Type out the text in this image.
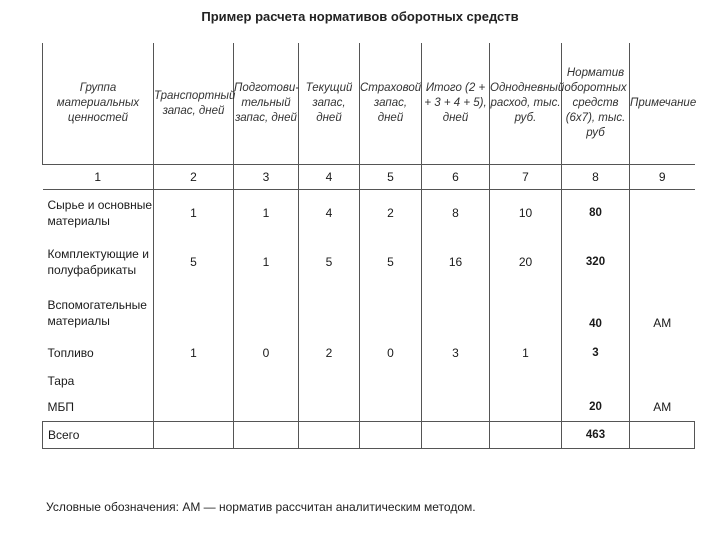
Пример расчета нормативов оборотных средств
Группа материальных ценностей	Транспортный запас, дней	Подготови-тельный запас, дней	Текущий запас, дней	Страховой запас, дней	Итого (2 + + 3 + 4 + 5), дней	Однодневный расход, тыс. руб.	Норматив оборотных средств (6x7), тыс. руб	Примечание
1	2	3	4	5	6	7	8	9
Сырье и основные материалы	1	1	4	2	8	10	80	
Комплектующие и полуфабрикаты	5	1	5	5	16	20	320	
Вспомогательные материалы							40	АМ
Топливо	1	0	2	0	3	1	3	
Тара								
МБП							20	АМ
Всего							463	
Условные обозначения: АМ — норматив рассчитан аналитическим методом.
